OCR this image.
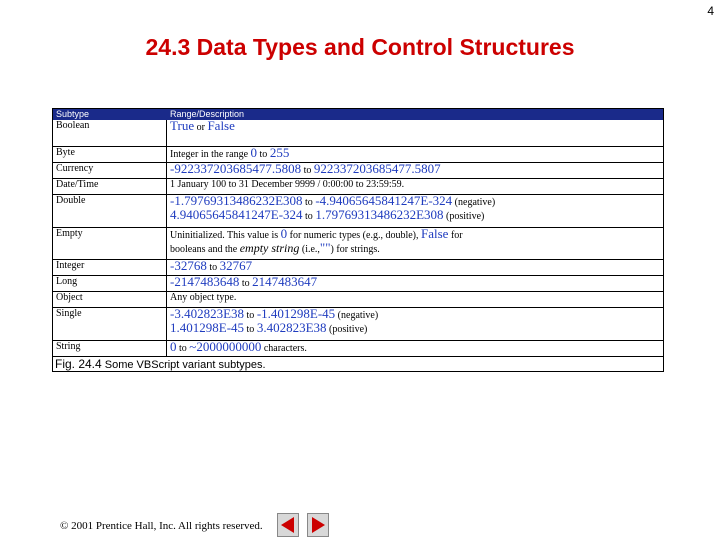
4
24.3 Data Types and Control Structures
Subtype	Range/Description
Boolean	True or False
Byte	Integer in the range 0 to 255
Currency	-922337203685477.5808 to 922337203685477.5807
Date/Time	1 January 100 to 31 December 9999 / 0:00:00 to 23:59:59.
Double	-1.79769313486232E308 to -4.94065645841247E-324 (negative)
4.94065645841247E-324 to 1.79769313486232E308 (positive)

Empty	Uninitialized. This value is 0 for numeric types (e.g., double), False for
booleans and the empty string (i.e.,"") for strings.

Integer	-32768 to 32767
Long	-2147483648 to 2147483647
Object	Any object type.
Single	-3.402823E38 to -1.401298E-45 (negative)
1.401298E-45 to 3.402823E38 (positive)

String	0 to ~2000000000 characters.
Fig. 24.4 Some VBScript variant subtypes.
© 2001 Prentice Hall, Inc. All rights reserved.
